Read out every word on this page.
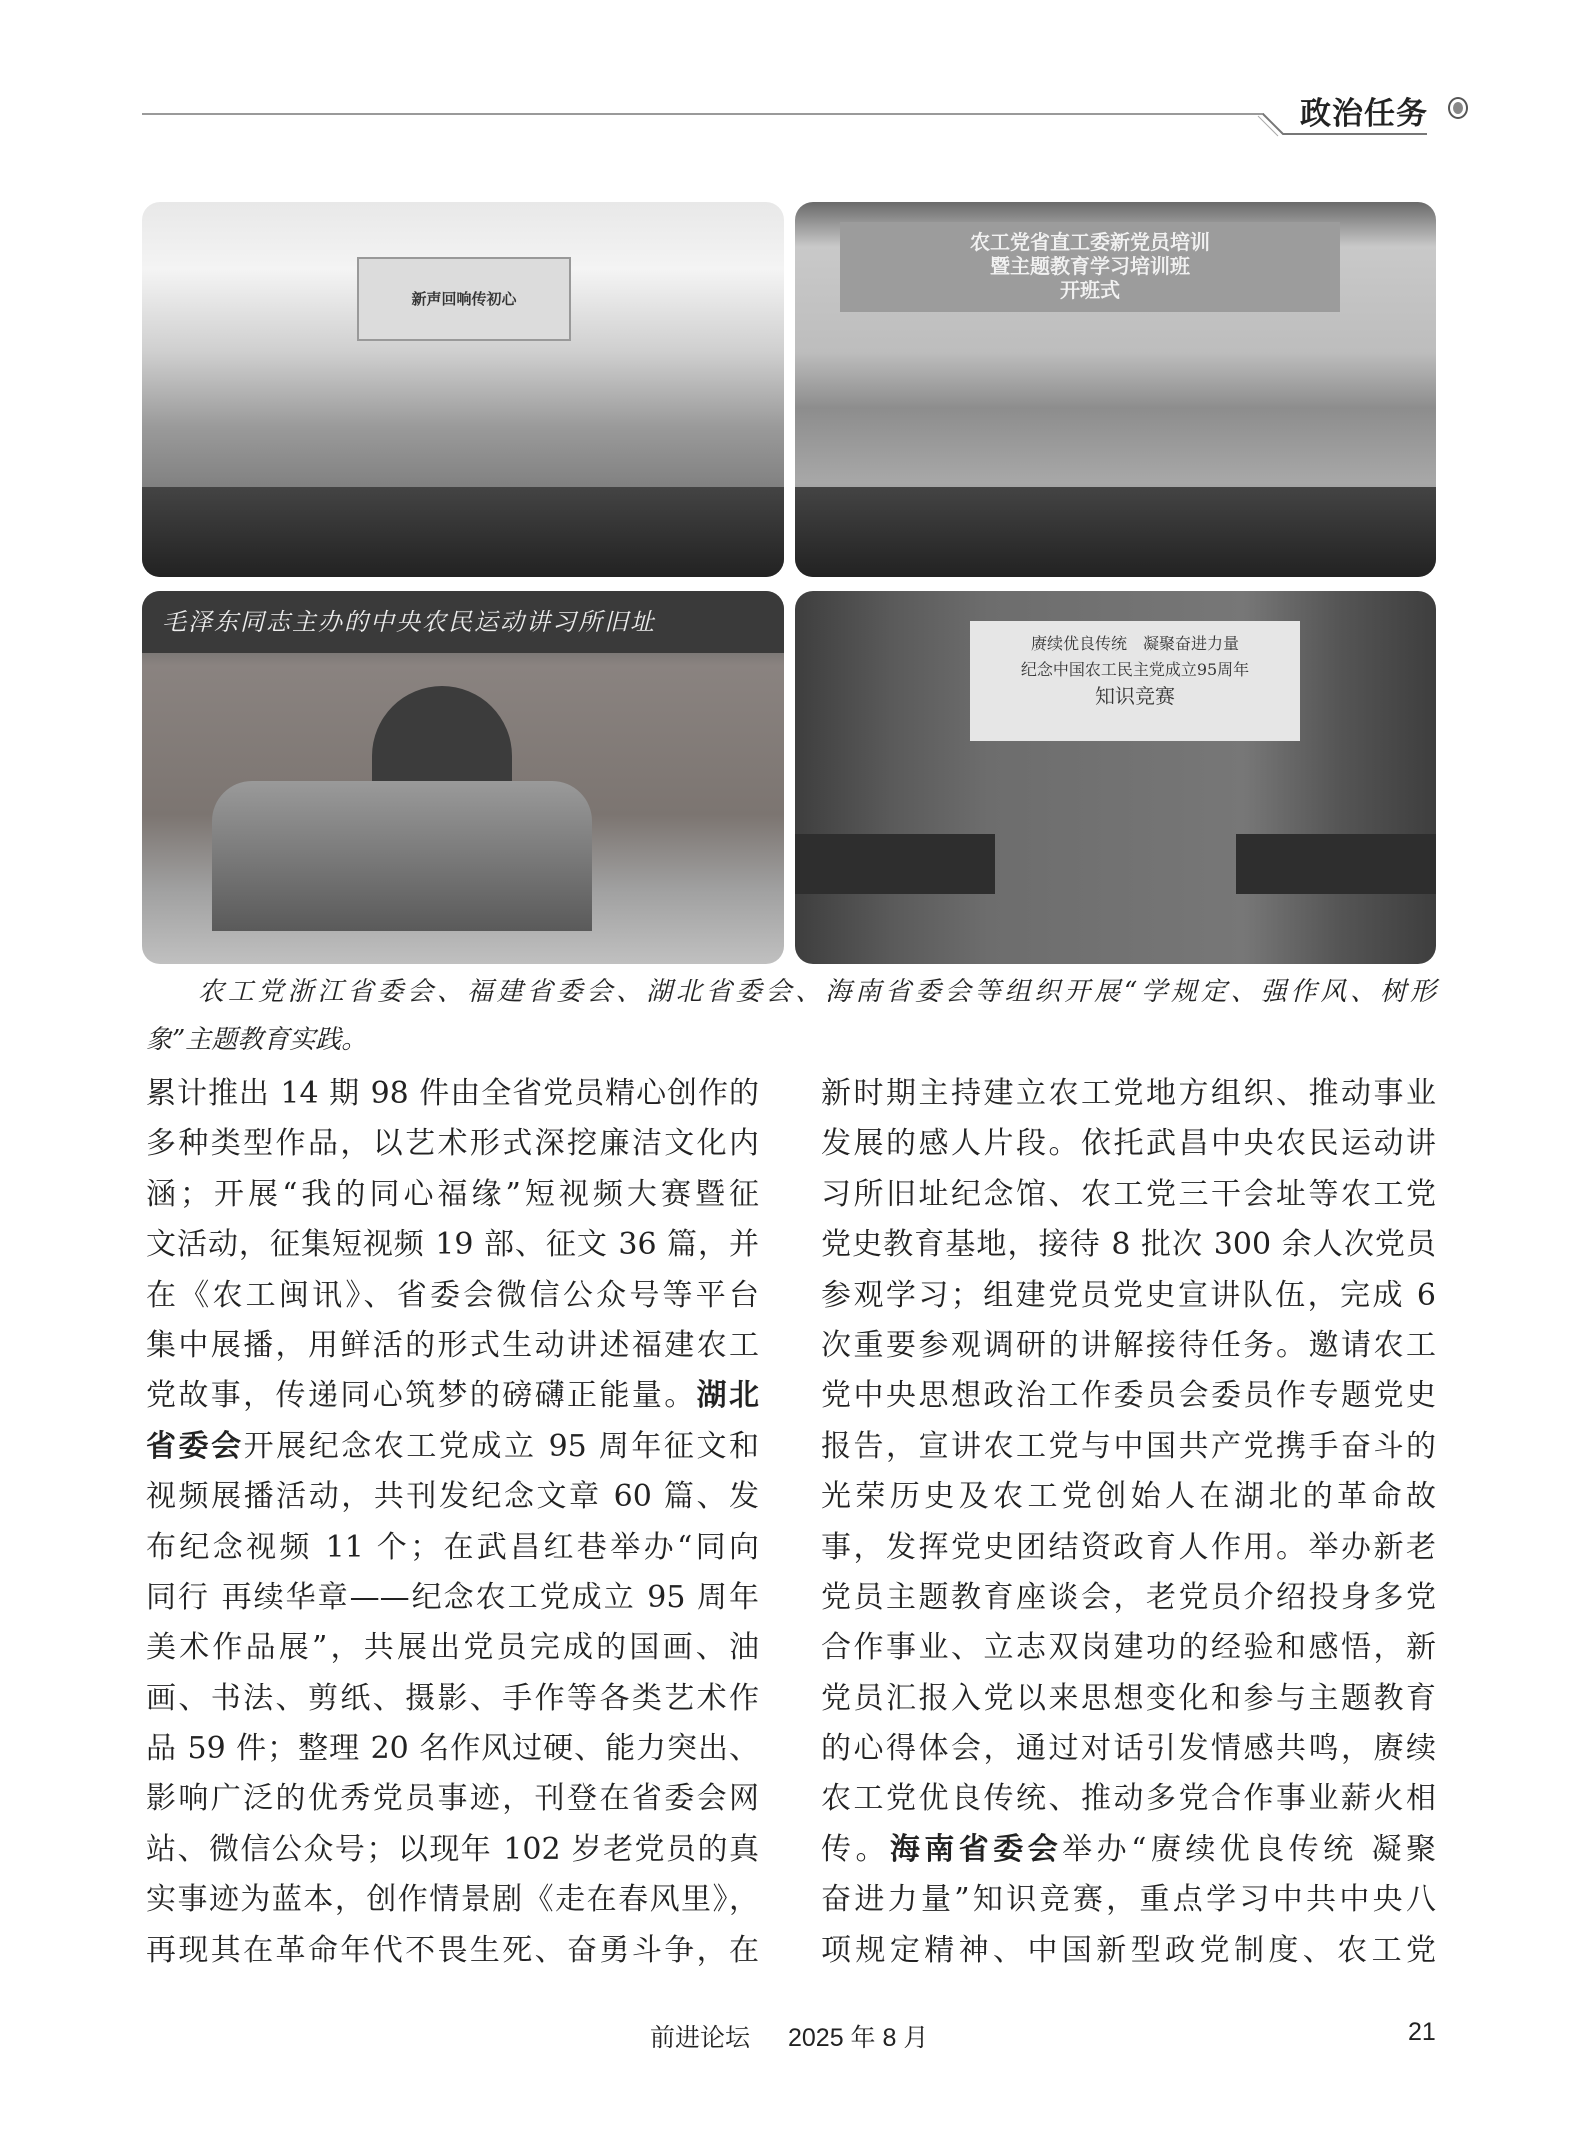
政治任务
新声回响传初心
农工党省直工委新党员培训
暨主题教育学习培训班
开班式
毛泽东同志主办的中央农民运动讲习所旧址
赓续优良传统　凝聚奋进力量
纪念中国农工民主党成立95周年
知识竞赛
农工党浙江省委会、福建省委会、湖北省委会、海南省委会等组织开展“学规定、强作风、树形
象”主题教育实践。
累计推出 14 期 98 件由全省党员精心创作的
多种类型作品，以艺术形式深挖廉洁文化内
涵；开展“我的同心福缘”短视频大赛暨征
文活动，征集短视频 19 部、征文 36 篇，并
在《农工闽讯》、省委会微信公众号等平台
集中展播，用鲜活的形式生动讲述福建农工
党故事，传递同心筑梦的磅礴正能量。湖北
省委会开展纪念农工党成立 95 周年征文和
视频展播活动，共刊发纪念文章 60 篇、发
布纪念视频 11 个；在武昌红巷举办“同向
同行 再续华章——纪念农工党成立 95 周年
美术作品展”，共展出党员完成的国画、油
画、书法、剪纸、摄影、手作等各类艺术作
品 59 件；整理 20 名作风过硬、能力突出、
影响广泛的优秀党员事迹，刊登在省委会网
站、微信公众号；以现年 102 岁老党员的真
实事迹为蓝本，创作情景剧《走在春风里》，
再现其在革命年代不畏生死、奋勇斗争，在
新时期主持建立农工党地方组织、推动事业
发展的感人片段。依托武昌中央农民运动讲
习所旧址纪念馆、农工党三干会址等农工党
党史教育基地，接待 8 批次 300 余人次党员
参观学习；组建党员党史宣讲队伍，完成 6
次重要参观调研的讲解接待任务。邀请农工
党中央思想政治工作委员会委员作专题党史
报告，宣讲农工党与中国共产党携手奋斗的
光荣历史及农工党创始人在湖北的革命故
事，发挥党史团结资政育人作用。举办新老
党员主题教育座谈会，老党员介绍投身多党
合作事业、立志双岗建功的经验和感悟，新
党员汇报入党以来思想变化和参与主题教育
的心得体会，通过对话引发情感共鸣，赓续
农工党优良传统、推动多党合作事业薪火相
传。海南省委会举办“赓续优良传统 凝聚
奋进力量”知识竞赛，重点学习中共中央八
项规定精神、中国新型政党制度、农工党
前进论坛 2025 年 8 月	21
